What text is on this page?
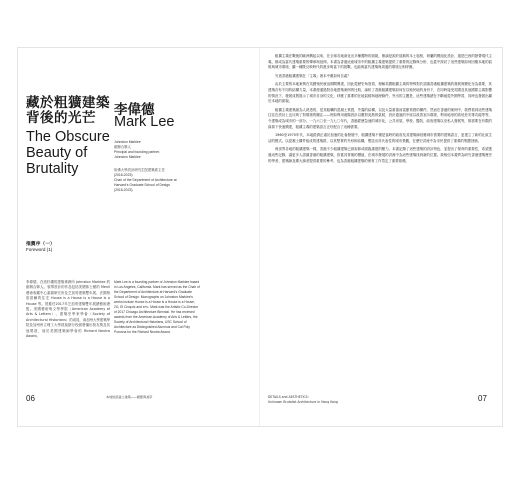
藏於粗獷建築
背後的光芒
The Obscure
Beauty of
Brutality
李偉德
Mark Lee
Johnston Marklee
創辦合夥人
Principal and founding partner,
Johnston Marklee
哈佛大學設計研究生院建築系主任
(2018-2023)
Chair of the Department of Architecture at
Harvard's Graduate School of Design
(2018-2023)
推薦序（一）
Foreword (1)
李偉德，在洛杉磯的建築事務所 Johnston Marklee 的創辦合夥人。領導設計的作品包括美國休士頓的 Menil 藝術收藏中心素描研究所及芝加哥建築雙年展、法國格洛諾爾的住宅 House is a House is a House is a House 等。曾擔任2017年芝加哥建築雙年展總藝術總監。美國藝術與文學學院（American Academy of Arts & Letters）、建築史學家學會（Society of Architectural Historians）的成員，南加州大學建築學院及加州州立理工大學波莫納分校頒發傑出校友獎及其他獎項，他於美國建築師學會的 Richard Neutra Award。
Mark Lee is a founding partner of Johnston Marklee based in Los Angeles, California. Mark has served as the Chair of the Department of Architecture at Harvard's Graduate School of Design. Monographs on Johnston Marklee's works include House is a House is a House is a House, 2G, El Croquis and a+u. Mark was the Artistic Co-Director of 2017 Chicago Architecture Biennial. He has received awards from the American Academy of Arts & Letters, the Society of Architectural Historians, USC School of Architecture as Distinguished Alumnus and Cal Poly Pomona for the Richard Neutra Award.
06	本地的混凝土建築——細節與美學

粗獷主義在戰後的歐洲興起以來，在全球各地演化出多種獨特的面貌，無論是源於瑞典的本土風格，荷蘭的模組化設計，還是巴西的熱帶現代主義，都成為當代建築重要的傳承與延伸。本書為香港這座城市中的粗獷主義建築提供了重要的記錄與分析，也從中探討了這些建築如何回應本地的氣候與城市環境，繼一種既反映時代的進步與當下的挑戰，也能與當代建築與周邊的環境互相呼應。

究竟香港粗獷建築在「主義」裡本中應如何自處？

由於主要的本地案例在英國殖民統治期間興建，因此從歷史角度看，理解英國粗獷主義的特殊對於認識香港粗獷建築的發展與變化至為重要，其建築各有不同的結構力量，本書便通過對各地建築案例的比較，論析了香港粗獷建築如何在以殖民地的身份下，在同時接受英國及其他國際主義影響的情況下，發展成既展示了城市自身的文化，呼應了重要的在地氣候與地理條件，突出的主題是，這些建築總在不斷地從外國學習，同時也發展出屬於本地的面貌。

粗獷主義建築最為人熟悉的，是其粗曠的混凝土質感，外露的結構，以及大量重複而富節奏感的構件。然而在香港的案例中，我們看到這些建築往往在設計上也反映了對環境的關注——例如利用遮陽設計以應對炎熱的氣候，設計通風的中庭以改善室內環境，利用地形的高低差安排功能等等，令建築成為城市的一部分。一九六〇至一九七〇年代，香港經歷急速的城市化，公共房屋、學校、醫院、政府建築以至私人發展等，都需要在有限的資源下快速興建，粗獷主義的建築語言正好配合了這種需要。

1960至1970年代，本地經濟正處於加速的社會發展中，粗獷建築不僅是當時的政府及其建築師回應城市需要的建築語言，更建立了新的社區生活的模式。以混凝土構件組成的建築群，以其堅實的外形和結構，塑造出具代表性的城市景觀，在歷史洪流中為市民提供了重要的集體回憶。

與世界各地的粗獷建築一樣，香港不少粗獷建築已被拆卸或面臨重建的壓力。本書記錄了這些建築的設計特色，並提出了保育的重要性，希望透過這些記錄，讓更多人認識香港的粗獷建築，欣賞其背後的價值，在城市發展的洪流中為這些建築找到新的位置。我相信本書將為研究香港建築歷史的學者、建築師及廣大讀者提供重要的參考，也為香港粗獷建築的保育工作奠定了重要基礎。

DETAILS and AESTHETICS:
Unknown Brutalist Architecture in Hong Kong	07
